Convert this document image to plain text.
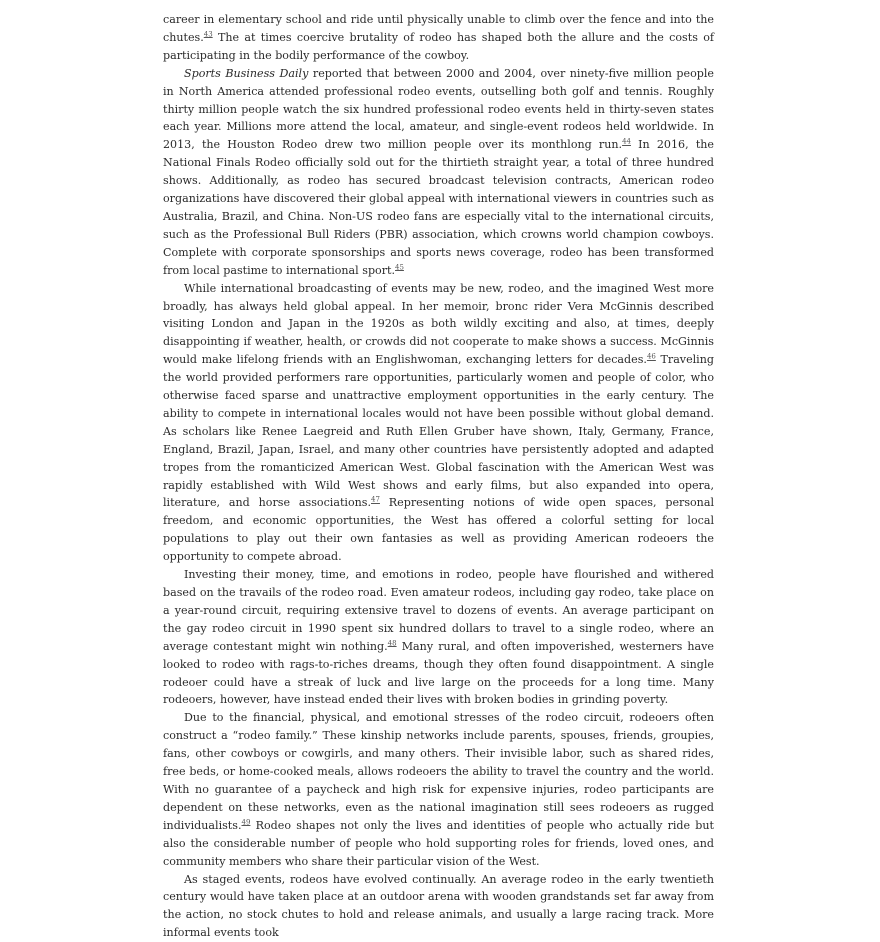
career in elementary school and ride until physically unable to climb over the fence and into the chutes.$^{43}$ The at times coercive brutality of rodeo has shaped both the allure and the costs of participating in the bodily performance of the cowboy.

Sports Business Daily reported that between 2000 and 2004, over ninety-five million people in North America attended professional rodeo events, outselling both golf and tennis. Roughly thirty million people watch the six hundred professional rodeo events held in thirty-seven states each year. Millions more attend the local, amateur, and single-event rodeos held worldwide. In 2013, the Houston Rodeo drew two million people over its monthlong run.$^{44}$ In 2016, the National Finals Rodeo officially sold out for the thirtieth straight year, a total of three hundred shows. Additionally, as rodeo has secured broadcast television contracts, American rodeo organizations have discovered their global appeal with international viewers in countries such as Australia, Brazil, and China. Non-US rodeo fans are especially vital to the international circuits, such as the Professional Bull Riders (PBR) association, which crowns world champion cowboys. Complete with corporate sponsorships and sports news coverage, rodeo has been transformed from local pastime to international sport.$^{45}$

While international broadcasting of events may be new, rodeo, and the imagined West more broadly, has always held global appeal. In her memoir, bronc rider Vera McGinnis described visiting London and Japan in the 1920s as both wildly exciting and also, at times, deeply disappointing if weather, health, or crowds did not cooperate to make shows a success. McGinnis would make lifelong friends with an Englishwoman, exchanging letters for decades.$^{46}$ Traveling the world provided performers rare opportunities, particularly women and people of color, who otherwise faced sparse and unattractive employment opportunities in the early century. The ability to compete in international locales would not have been possible without global demand. As scholars like Renee Laegreid and Ruth Ellen Gruber have shown, Italy, Germany, France, England, Brazil, Japan, Israel, and many other countries have persistently adopted and adapted tropes from the romanticized American West. Global fascination with the American West was rapidly established with Wild West shows and early films, but also expanded into opera, literature, and horse associations.$^{47}$ Representing notions of wide open spaces, personal freedom, and economic opportunities, the West has offered a colorful setting for local populations to play out their own fantasies as well as providing American rodeoers the opportunity to compete abroad.

Investing their money, time, and emotions in rodeo, people have flourished and withered based on the travails of the rodeo road. Even amateur rodeos, including gay rodeo, take place on a year-round circuit, requiring extensive travel to dozens of events. An average participant on the gay rodeo circuit in 1990 spent six hundred dollars to travel to a single rodeo, where an average contestant might win nothing.$^{48}$ Many rural, and often impoverished, westerners have looked to rodeo with rags-to-riches dreams, though they often found disappointment. A single rodeoer could have a streak of luck and live large on the proceeds for a long time. Many rodeoers, however, have instead ended their lives with broken bodies in grinding poverty.

Due to the financial, physical, and emotional stresses of the rodeo circuit, rodeoers often construct a “rodeo family.” These kinship networks include parents, spouses, friends, groupies, fans, other cowboys or cowgirls, and many others. Their invisible labor, such as shared rides, free beds, or home-cooked meals, allows rodeoers the ability to travel the country and the world. With no guarantee of a paycheck and high risk for expensive injuries, rodeo participants are dependent on these networks, even as the national imagination still sees rodeoers as rugged individualists.$^{49}$ Rodeo shapes not only the lives and identities of people who actually ride but also the considerable number of people who hold supporting roles for friends, loved ones, and community members who share their particular vision of the West.

As staged events, rodeos have evolved continually. An average rodeo in the early twentieth century would have taken place at an outdoor arena with wooden grandstands set far away from the action, no stock chutes to hold and release animals, and usually a large racing track. More informal events took
